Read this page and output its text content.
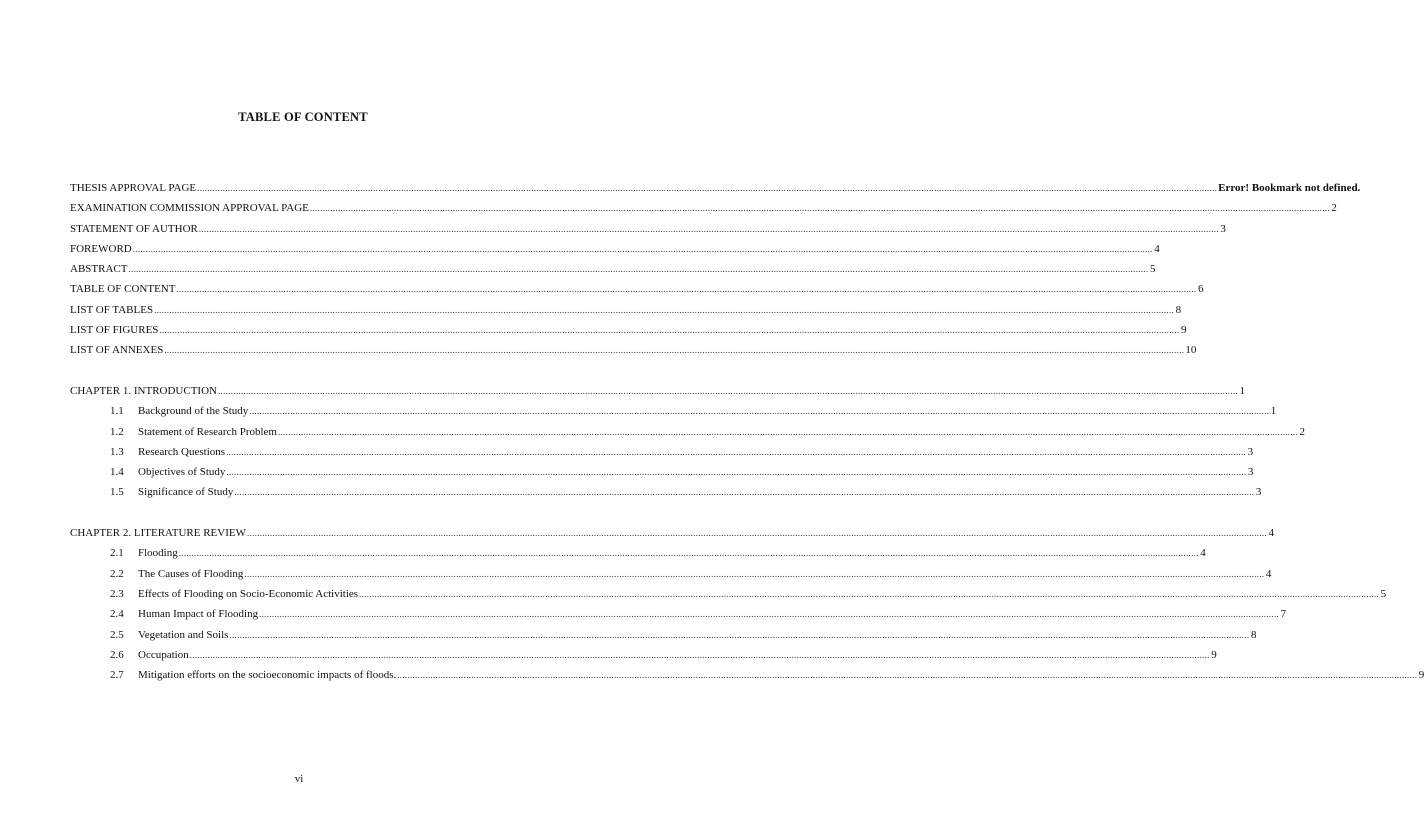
TABLE OF CONTENT
THESIS APPROVAL PAGE ................................................................................................................................................................................................................................................................................................................................................................................................................ Error! Bookmark not defined.
EXAMINATION COMMISSION APPROVAL PAGE ................................................................................................................................................................................................................................................................................................................................................................................................................ 2
STATEMENT OF AUTHOR ................................................................................................................................................................................................................................................................................................................................................................................................................ 3
FOREWORD ................................................................................................................................................................................................................................................................................................................................................................................................................ 4
ABSTRACT ................................................................................................................................................................................................................................................................................................................................................................................................................ 5
TABLE OF CONTENT ................................................................................................................................................................................................................................................................................................................................................................................................................ 6
LIST OF TABLES ................................................................................................................................................................................................................................................................................................................................................................................................................ 8
LIST OF FIGURES ................................................................................................................................................................................................................................................................................................................................................................................................................ 9
LIST OF ANNEXES ................................................................................................................................................................................................................................................................................................................................................................................................................ 10
CHAPTER 1. INTRODUCTION ................................................................................................................................................................................................................................................................................................................................................................................................................ 1
1.1	Background of the Study ................................................................................................................................................................................................................................................................................................................................................................................................................ 1
1.2	Statement of Research Problem ................................................................................................................................................................................................................................................................................................................................................................................................................ 2
1.3	Research Questions ................................................................................................................................................................................................................................................................................................................................................................................................................ 3
1.4	Objectives of Study ................................................................................................................................................................................................................................................................................................................................................................................................................ 3
1.5	Significance of Study ................................................................................................................................................................................................................................................................................................................................................................................................................ 3
CHAPTER 2. LITERATURE REVIEW ................................................................................................................................................................................................................................................................................................................................................................................................................ 4
2.1	Flooding ................................................................................................................................................................................................................................................................................................................................................................................................................ 4
2.2	The Causes of Flooding ................................................................................................................................................................................................................................................................................................................................................................................................................ 4
2.3	Effects of Flooding on Socio-Economic Activities ................................................................................................................................................................................................................................................................................................................................................................................................................ 5
2.4	Human Impact of Flooding ................................................................................................................................................................................................................................................................................................................................................................................................................ 7
2.5	Vegetation and Soils ................................................................................................................................................................................................................................................................................................................................................................................................................ 8
2.6	Occupation ................................................................................................................................................................................................................................................................................................................................................................................................................ 9
2.7	Mitigation efforts on the socioeconomic impacts of floods. ................................................................................................................................................................................................................................................................................................................................................................................................................ 9
vi
